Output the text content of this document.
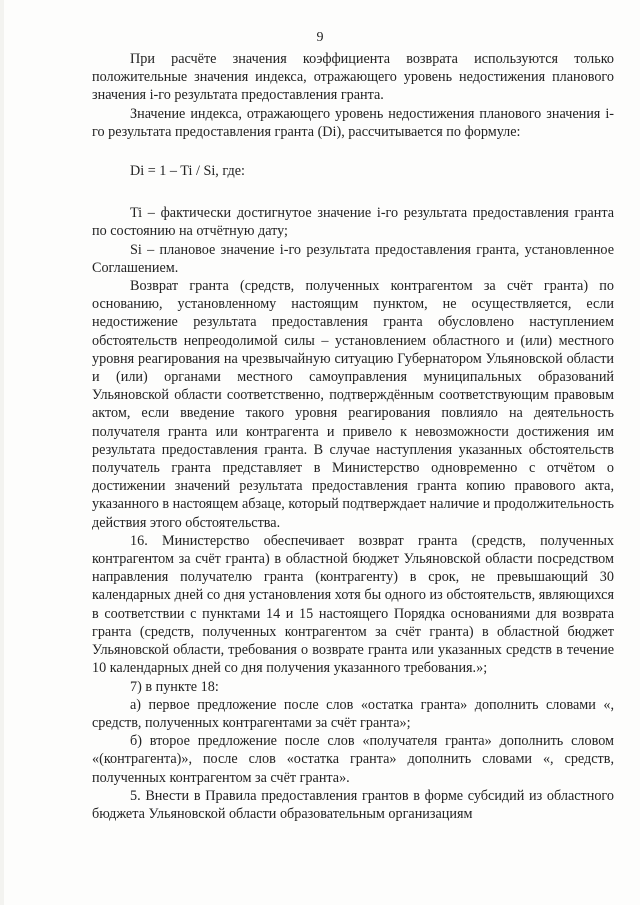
9

При расчёте значения коэффициента возврата используются только положительные значения индекса, отражающего уровень недостижения планового значения i-го результата предоставления гранта.

Значение индекса, отражающего уровень недостижения планового значения i-го результата предоставления гранта (Di), рассчитывается по формуле:

Di = 1 – Ti / Si, где:

Ti – фактически достигнутое значение i-го результата предоставления гранта по состоянию на отчётную дату;

Si – плановое значение i-го результата предоставления гранта, установленное Соглашением.

Возврат гранта (средств, полученных контрагентом за счёт гранта) по основанию, установленному настоящим пунктом, не осуществляется, если недостижение результата предоставления гранта обусловлено наступлением обстоятельств непреодолимой силы – установлением областного и (или) местного уровня реагирования на чрезвычайную ситуацию Губернатором Ульяновской области и (или) органами местного самоуправления муниципальных образований Ульяновской области соответственно, подтверждённым соответствующим правовым актом, если введение такого уровня реагирования повлияло на деятельность получателя гранта или контрагента и привело к невозможности достижения им результата предоставления гранта. В случае наступления указанных обстоятельств получатель гранта представляет в Министерство одновременно с отчётом о достижении значений результата предоставления гранта копию правового акта, указанного в настоящем абзаце, который подтверждает наличие и продолжительность действия этого обстоятельства.

16. Министерство обеспечивает возврат гранта (средств, полученных контрагентом за счёт гранта) в областной бюджет Ульяновской области посредством направления получателю гранта (контрагенту) в срок, не превышающий 30 календарных дней со дня установления хотя бы одного из обстоятельств, являющихся в соответствии с пунктами 14 и 15 настоящего Порядка основаниями для возврата гранта (средств, полученных контрагентом за счёт гранта) в областной бюджет Ульяновской области, требования о возврате гранта или указанных средств в течение 10 календарных дней со дня получения указанного требования.»;

7) в пункте 18:

а) первое предложение после слов «остатка гранта» дополнить словами «, средств, полученных контрагентами за счёт гранта»;

б) второе предложение после слов «получателя гранта» дополнить словом «(контрагента)», после слов «остатка гранта» дополнить словами «, средств, полученных контрагентом за счёт гранта».

5. Внести в Правила предоставления грантов в форме субсидий из областного бюджета Ульяновской области образовательным организациям
